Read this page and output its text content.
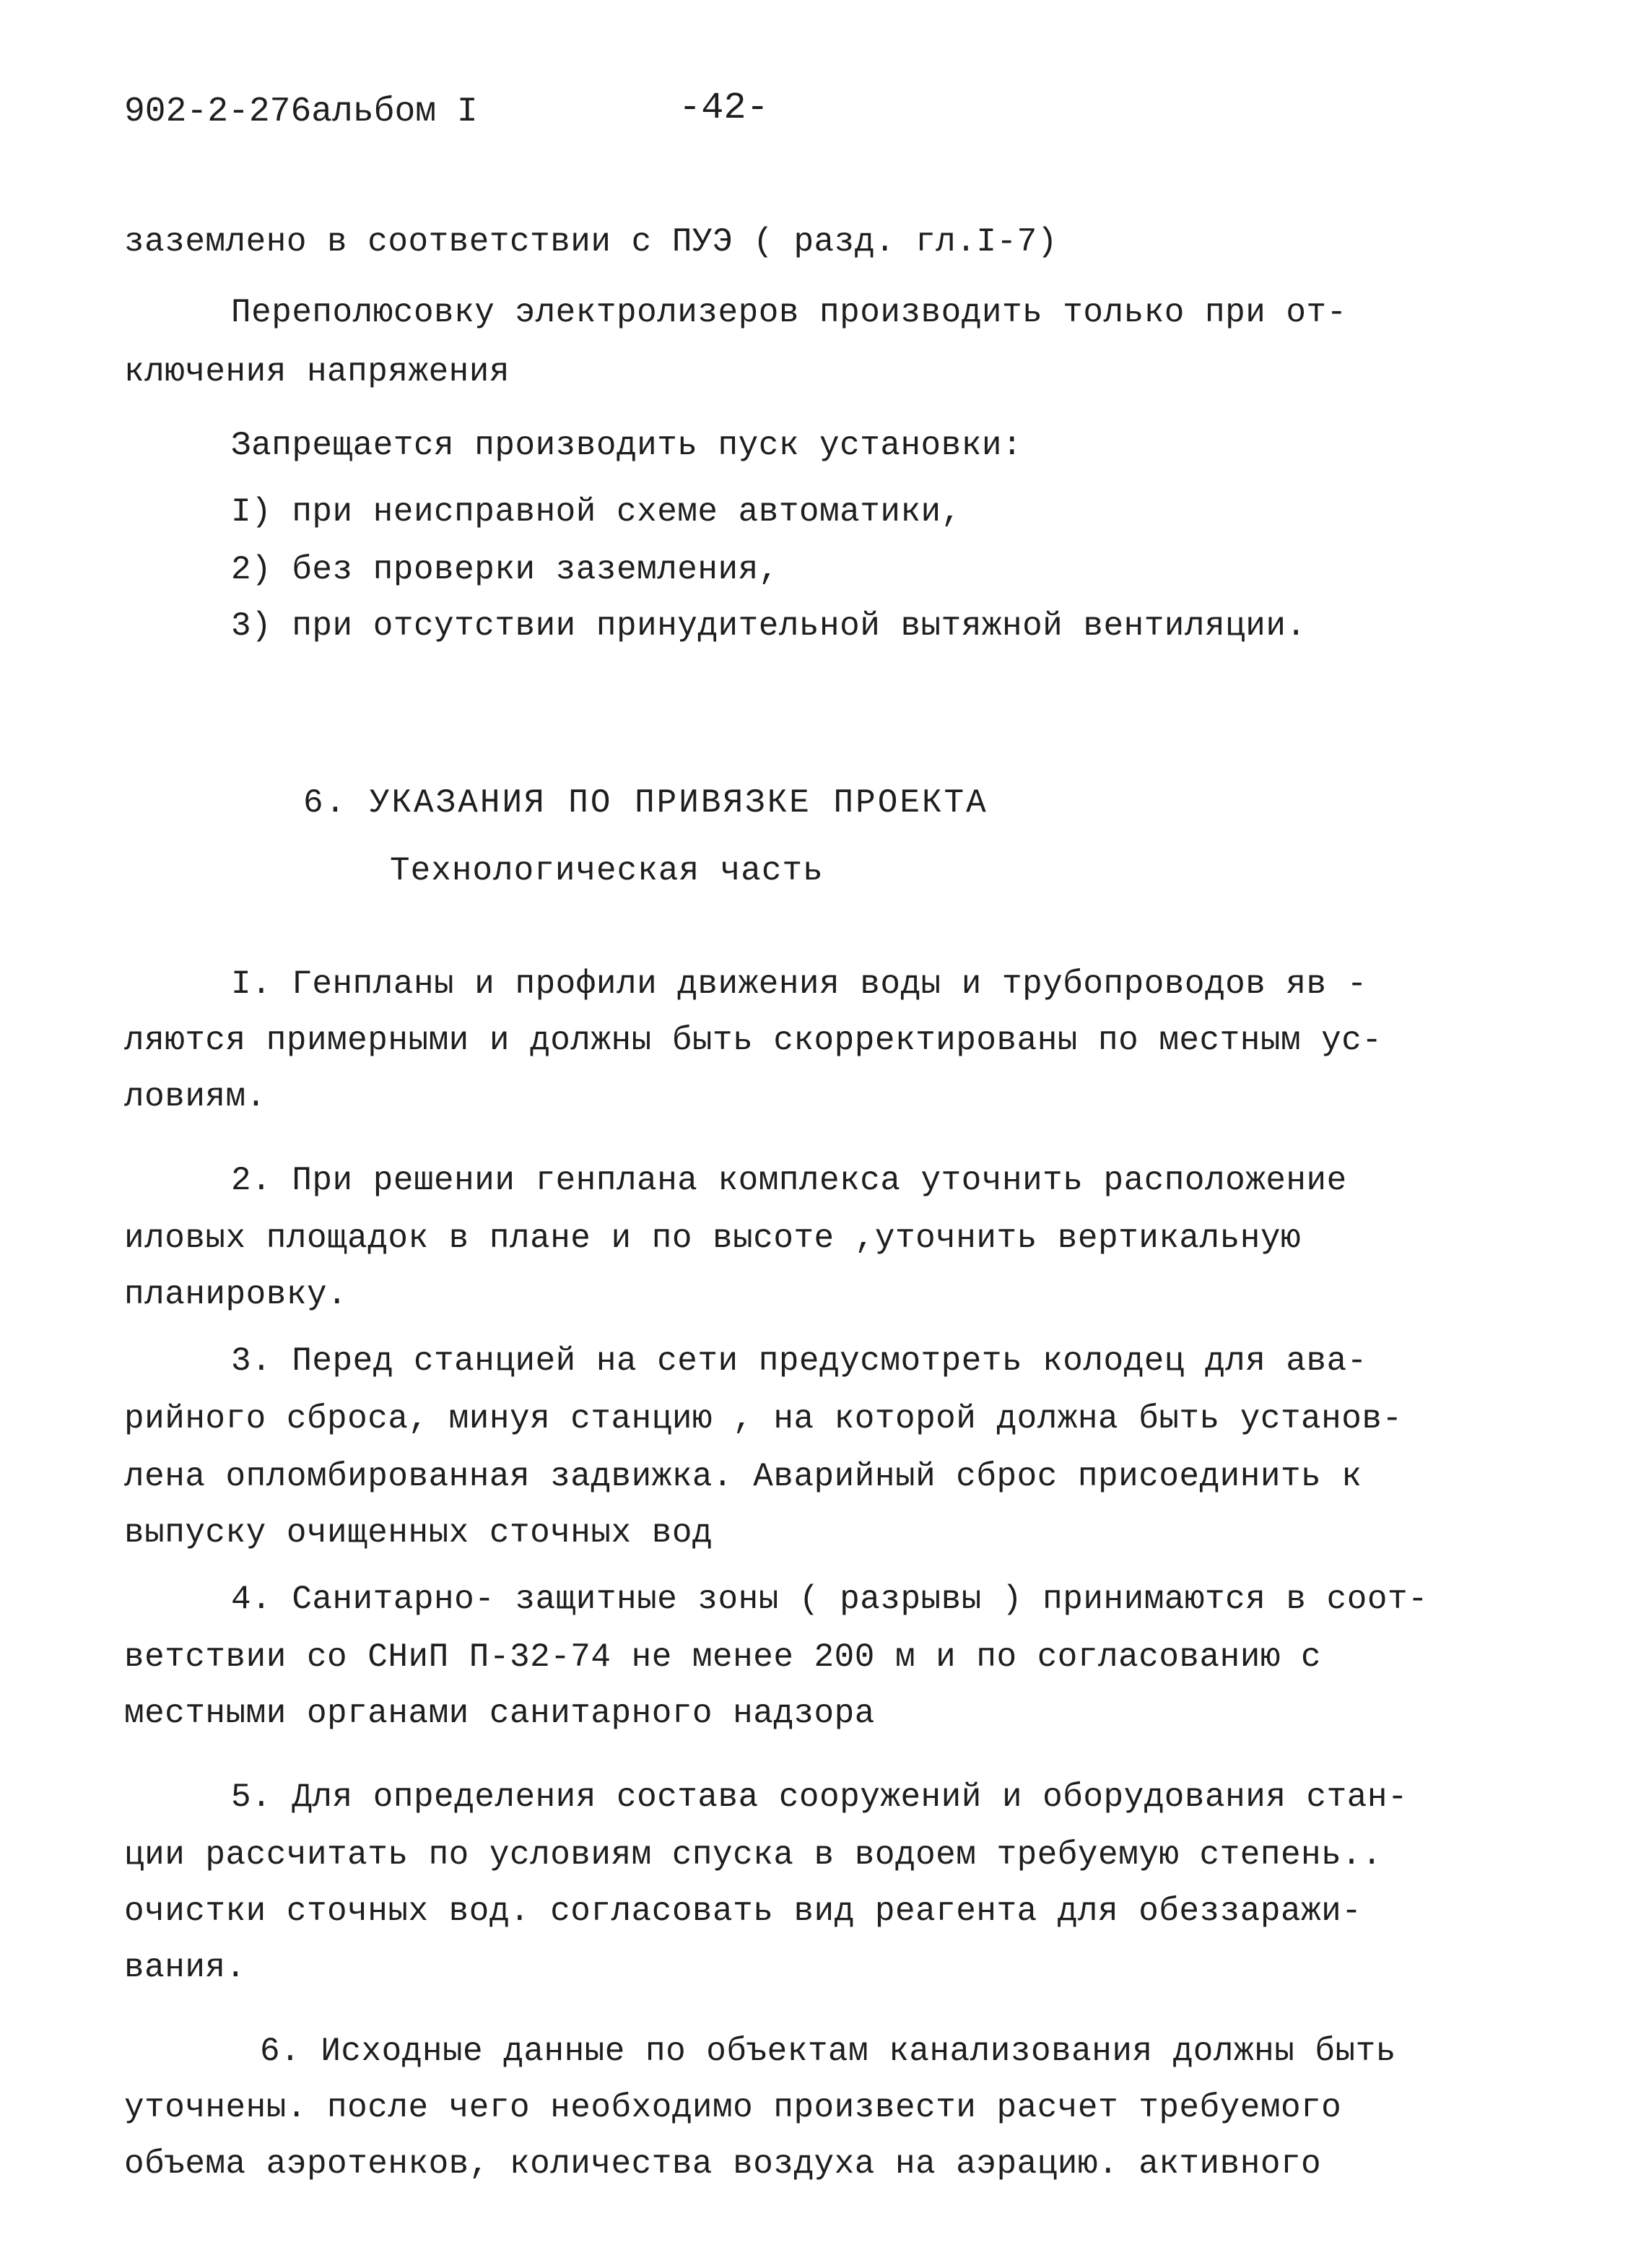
902-2-276альбом I	-42-
заземлено в соответствии с ПУЭ ( разд. гл.I-7)
Переполюсовку электролизеров производить только при от-
ключения напряжения
Запрещается производить пуск установки:
I) при неисправной схеме автоматики,
2) без проверки заземления,
3) при отсутствии принудительной вытяжной вентиляции.
6. УКАЗАНИЯ ПО ПРИВЯЗКЕ ПРОЕКТА
Технологическая часть
I. Генпланы и профили движения воды и трубопроводов яв -
ляются примерными и должны быть скорректированы по местным ус-
ловиям.
2. При решении генплана комплекса уточнить расположение
иловых площадок в плане и по высоте ,уточнить вертикальную
планировку.
3. Перед станцией на сети предусмотреть колодец для ава-
рийного сброса, минуя станцию , на которой должна быть установ-
лена опломбированная задвижка. Аварийный сброс присоединить к
выпуску очищенных сточных вод
4. Санитарно- защитные зоны ( разрывы ) принимаются в соот-
ветствии со СНиП П-32-74 не менее 200 м и по согласованию с
местными органами санитарного надзора
5. Для определения состава сооружений и оборудования стан-
ции рассчитать по условиям спуска в водоем требуемую степень..
очистки сточных вод. согласовать вид реагента для обеззаражи-
вания.
6. Исходные данные по объектам канализования должны быть
уточнены. после чего необходимо произвести расчет требуемого
объема аэротенков, количества воздуха на аэрацию. активного
